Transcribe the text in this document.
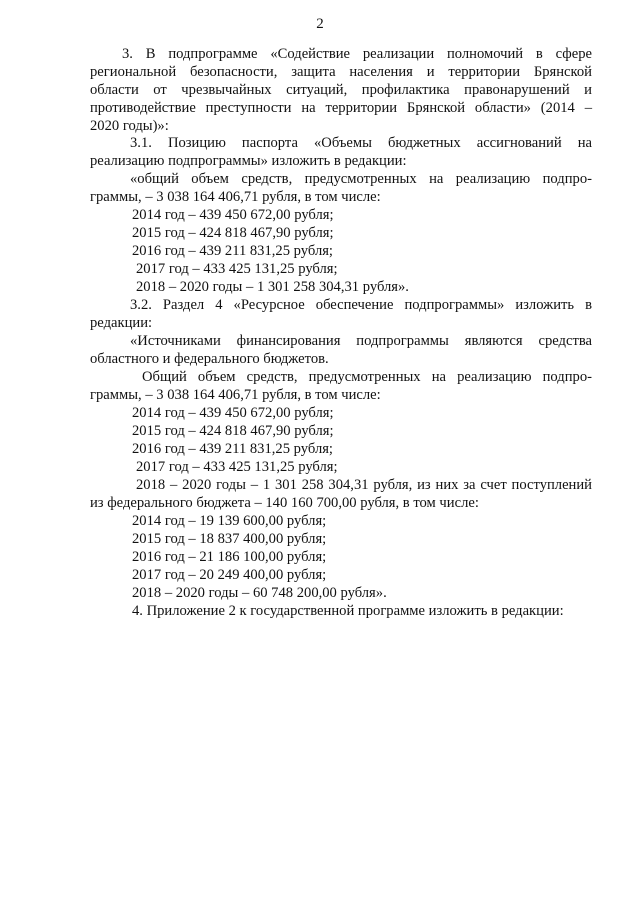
2
3. В подпрограмме «Содействие реализации полномочий в сфере
региональной безопасности, защита населения и территории Брянской
области от чрезвычайных ситуаций, профилактика правонарушений и
противодействие преступности на территории Брянской области» (2014 –
2020 годы)»:
3.1. Позицию паспорта «Объемы бюджетных ассигнований на
реализацию подпрограммы» изложить в редакции:
«общий объем средств, предусмотренных на реализацию подпро-
граммы, – 3 038 164 406,71 рубля, в том числе:
2014 год – 439 450 672,00 рубля;
2015 год – 424 818 467,90 рубля;
2016 год – 439 211 831,25 рубля;
2017 год – 433 425 131,25 рубля;
2018 – 2020 годы – 1 301 258 304,31 рубля».
3.2. Раздел 4 «Ресурсное обеспечение подпрограммы» изложить в
редакции:
«Источниками финансирования подпрограммы являются средства
областного и федерального бюджетов.
Общий объем средств, предусмотренных на реализацию подпро-
граммы, – 3 038 164 406,71 рубля, в том числе:
2014 год – 439 450 672,00 рубля;
2015 год – 424 818 467,90 рубля;
2016 год – 439 211 831,25 рубля;
2017 год – 433 425 131,25 рубля;
2018 – 2020 годы – 1 301 258 304,31 рубля, из них за счет поступлений
из федерального бюджета – 140 160 700,00 рубля, в том числе:
2014 год – 19 139 600,00 рубля;
2015 год – 18 837 400,00 рубля;
2016 год – 21 186 100,00 рубля;
2017 год – 20 249 400,00 рубля;
2018 – 2020 годы – 60 748 200,00 рубля».
4. Приложение 2 к государственной программе изложить в редакции:
